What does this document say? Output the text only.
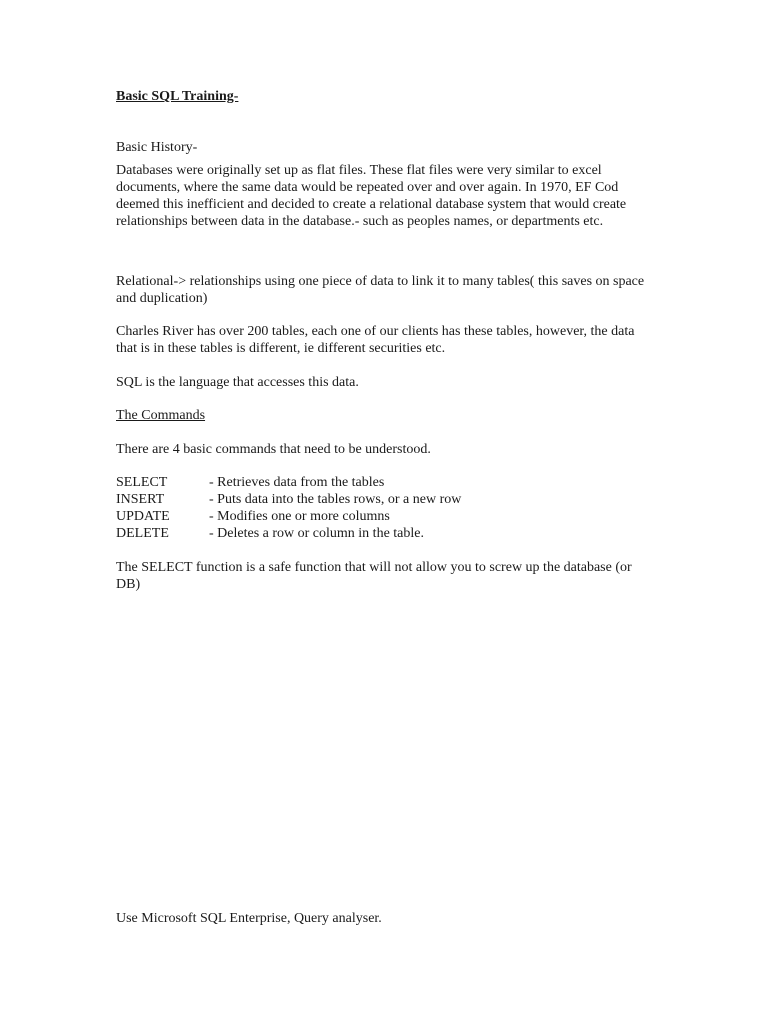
Basic SQL Training-

Basic History-

Databases were originally set up as flat files. These flat files were very similar to excel documents, where the same data would be repeated over and over again. In 1970, EF Cod deemed this inefficient and decided to create a relational database system that would create relationships between data in the database.- such as peoples names, or departments etc.

Relational-> relationships using one piece of data to link it to many tables( this saves on space and duplication)

Charles River has over 200 tables, each one of our clients has these tables, however, the data that is in these tables is different, ie different securities etc.

SQL is the language that accesses this data.

The Commands

There are 4 basic commands that need to be understood.

SELECT	- Retrieves data from the tables
INSERT	- Puts data into the tables rows, or a new row
UPDATE	- Modifies one or more columns
DELETE	- Deletes a row or column in the table.

The SELECT function is a safe function that will not allow you to screw up the database (or DB)

Use Microsoft SQL Enterprise, Query analyser.
